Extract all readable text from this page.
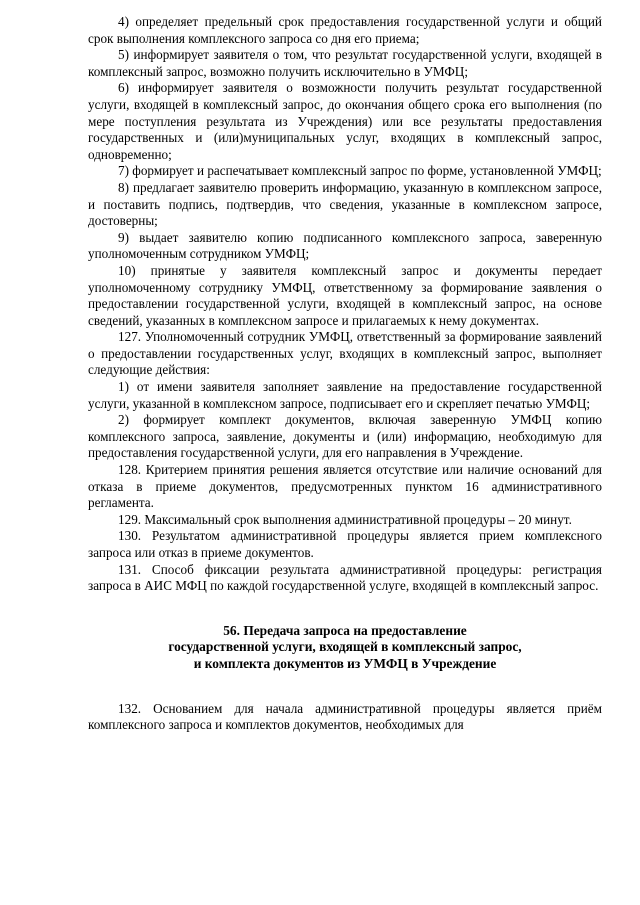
4) определяет предельный срок предоставления государственной услуги и общий срок выполнения комплексного запроса со дня его приема;

5) информирует заявителя о том, что результат государственной услуги, входящей в комплексный запрос, возможно получить исключительно в УМФЦ;

6) информирует заявителя о возможности получить результат государственной услуги, входящей в комплексный запрос, до окончания общего срока его выполнения (по мере поступления результата из Учреждения) или все результаты предоставления государственных и (или)муниципальных услуг, входящих в комплексный запрос, одновременно;

7) формирует и распечатывает комплексный запрос по форме, установленной УМФЦ;

8) предлагает заявителю проверить информацию, указанную в комплексном запросе, и поставить подпись, подтвердив, что сведения, указанные в комплексном запросе, достоверны;

9) выдает заявителю копию подписанного комплексного запроса, заверенную уполномоченным сотрудником УМФЦ;

10) принятые у заявителя комплексный запрос и документы передает уполномоченному сотруднику УМФЦ, ответственному за формирование заявления о предоставлении государственной услуги, входящей в комплексный запрос, на основе сведений, указанных в комплексном запросе и прилагаемых к нему документах.

127. Уполномоченный сотрудник УМФЦ, ответственный за формирование заявлений о предоставлении государственных услуг, входящих в комплексный запрос, выполняет следующие действия:

1) от имени заявителя заполняет заявление на предоставление государственной услуги, указанной в комплексном запросе, подписывает его и скрепляет печатью УМФЦ;

2) формирует комплект документов, включая заверенную УМФЦ копию комплексного запроса, заявление, документы и (или) информацию, необходимую для предоставления государственной услуги, для его направления в Учреждение.

128. Критерием принятия решения является отсутствие или наличие оснований для отказа в приеме документов, предусмотренных пунктом 16 административного регламента.

129. Максимальный срок выполнения административной процедуры – 20 минут.

130. Результатом административной процедуры является прием комплексного запроса или отказ в приеме документов.

131. Способ фиксации результата административной процедуры: регистрация запроса в АИС МФЦ по каждой государственной услуге, входящей в комплексный запрос.

56. Передача запроса на предоставление
государственной услуги, входящей в комплексный запрос,
и комплекта документов из УМФЦ в Учреждение

132. Основанием для начала административной процедуры является приём комплексного запроса и комплектов документов, необходимых для
